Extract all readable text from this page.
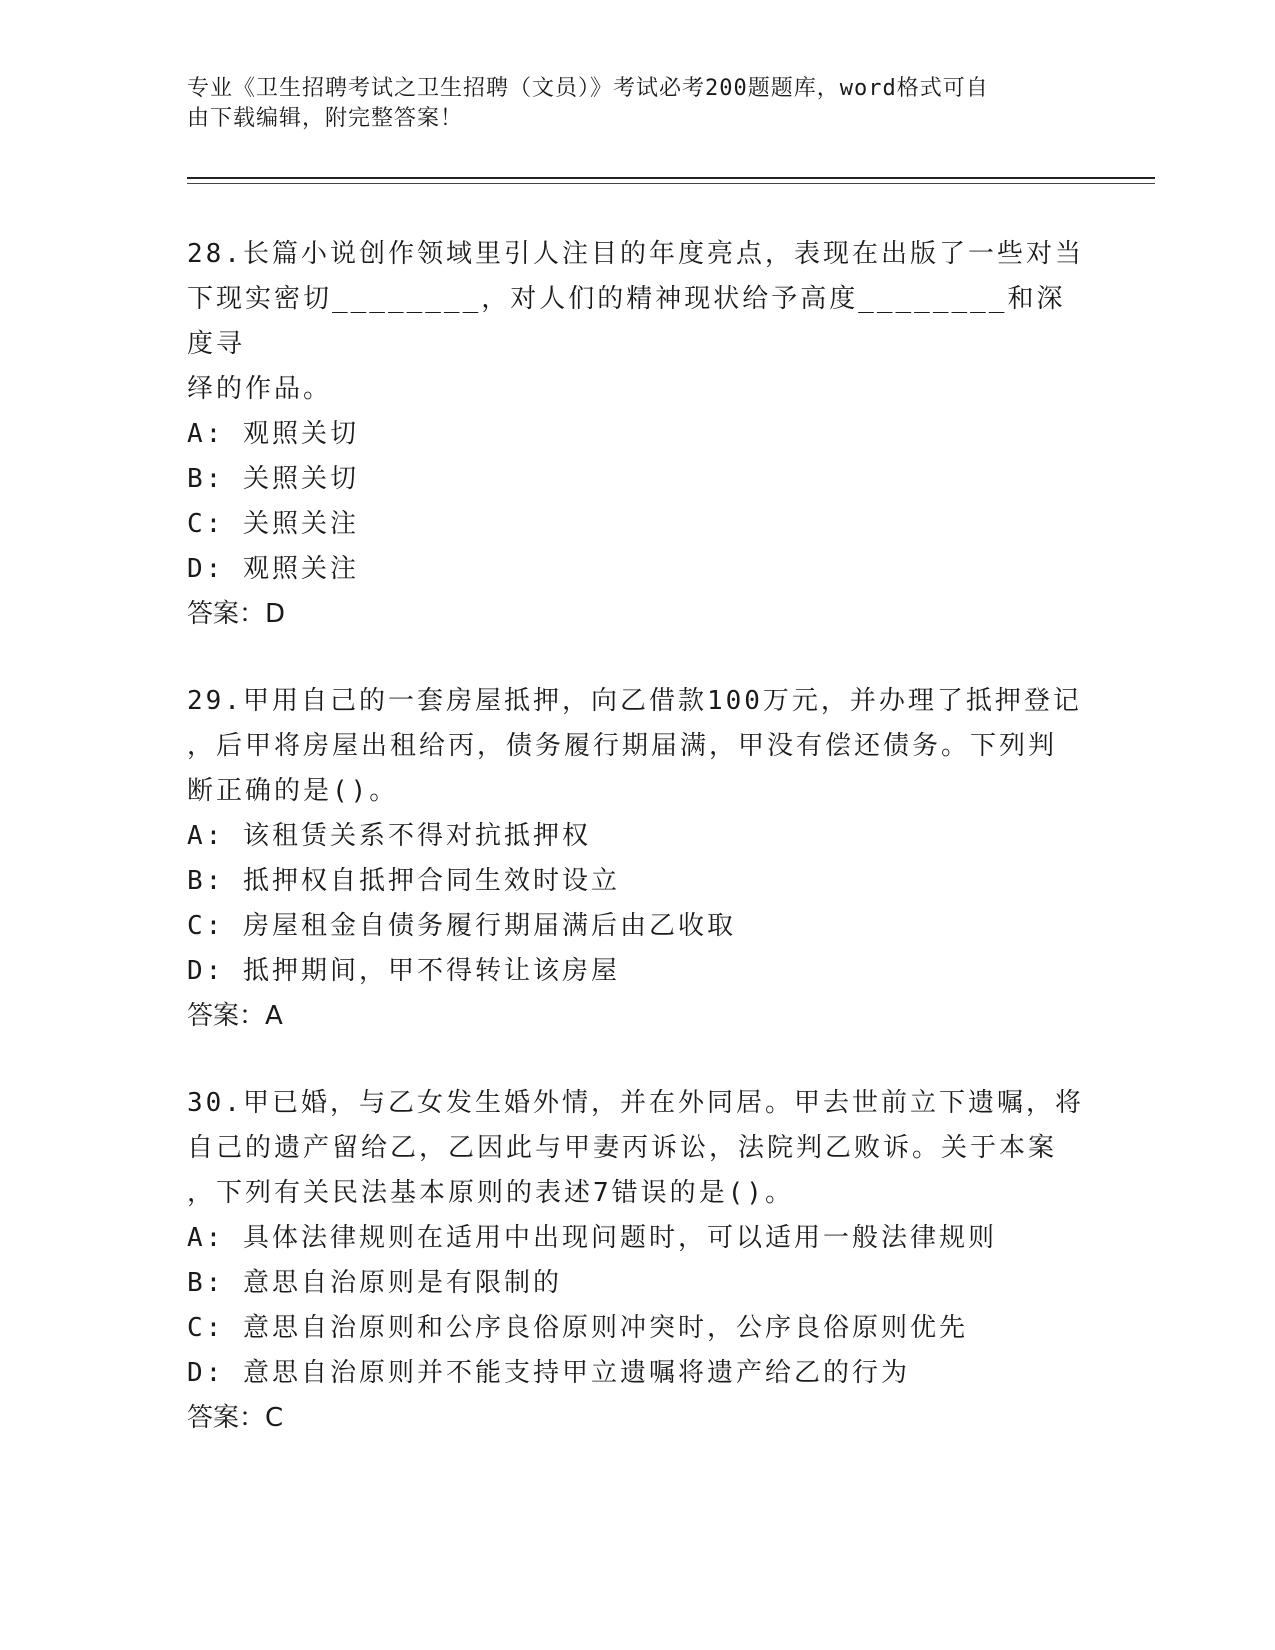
专业《卫生招聘考试之卫生招聘（文员）》考试必考200题题库，word格式可自
由下载编辑，附完整答案！

28.长篇小说创作领域里引人注目的年度亮点，表现在出版了一些对当

下现实密切________，对人们的精神现状给予高度________和深度寻

绎的作品。

A: 观照关切

B: 关照关切

C: 关照关注

D: 观照关注

答案：D

29.甲用自己的一套房屋抵押，向乙借款100万元，并办理了抵押登记

，后甲将房屋出租给丙，债务履行期届满，甲没有偿还债务。下列判

断正确的是()。

A: 该租赁关系不得对抗抵押权

B: 抵押权自抵押合同生效时设立

C: 房屋租金自债务履行期届满后由乙收取

D: 抵押期间，甲不得转让该房屋

答案：A

30.甲已婚，与乙女发生婚外情，并在外同居。甲去世前立下遗嘱，将

自己的遗产留给乙，乙因此与甲妻丙诉讼，法院判乙败诉。关于本案

，下列有关民法基本原则的表述7错误的是()。

A: 具体法律规则在适用中出现问题时，可以适用一般法律规则

B: 意思自治原则是有限制的

C: 意思自治原则和公序良俗原则冲突时，公序良俗原则优先

D: 意思自治原则并不能支持甲立遗嘱将遗产给乙的行为

答案：C
